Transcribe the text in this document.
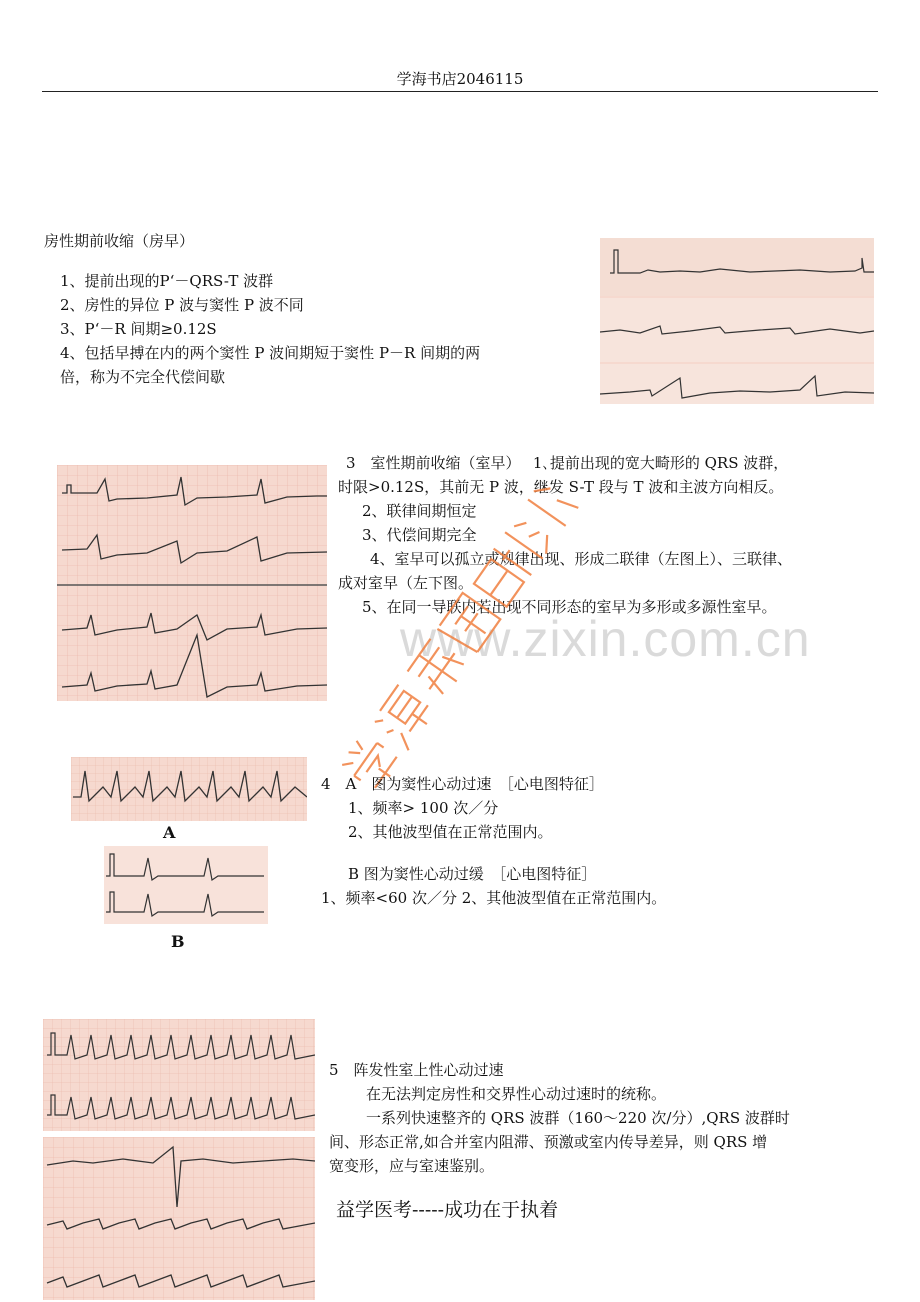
学海书店2046115
www.zixin.com.cn
房性期前收缩（房早）
1、提前出现的P‘－QRS-T 波群
2、房性的异位 P 波与窦性 P 波不同
3、P‘－R 间期≥0.12S
4、包括早搏在内的两个窦性 P 波间期短于窦性 P－R 间期的两
倍，称为不完全代偿间歇
3　室性期前收缩（室早）　 1､提前出现的宽大畸形的 QRS 波群，
时限>0.12S，其前无 P 波，继发 S-T 段与 T 波和主波方向相反。
2、联律间期恒定
3、代偿间期完全
4、室早可以孤立或规律出现、形成二联律（左图上）、三联律、
成对室早（左下图。
5、在同一导联内若出现不同形态的室早为多形或多源性室早。
A
B
4　A　图为窦性心动过速　［心电图特征］
1、频率> 100 次／分
2、其他波型值在正常范围内。
B 图为窦性心动过缓　［心电图特征］
1、频率<60 次／分 2、其他波型值在正常范围内。
5　阵发性室上性心动过速
在无法判定房性和交界性心动过速时的统称。
一系列快速整齐的 QRS 波群（160～220 次/分）,QRS 波群时
间、形态正常,如合并室内阻滞、预激或室内传导差异，则 QRS 增
宽变形，应与室速鉴别。
益学医考-----成功在于执着
